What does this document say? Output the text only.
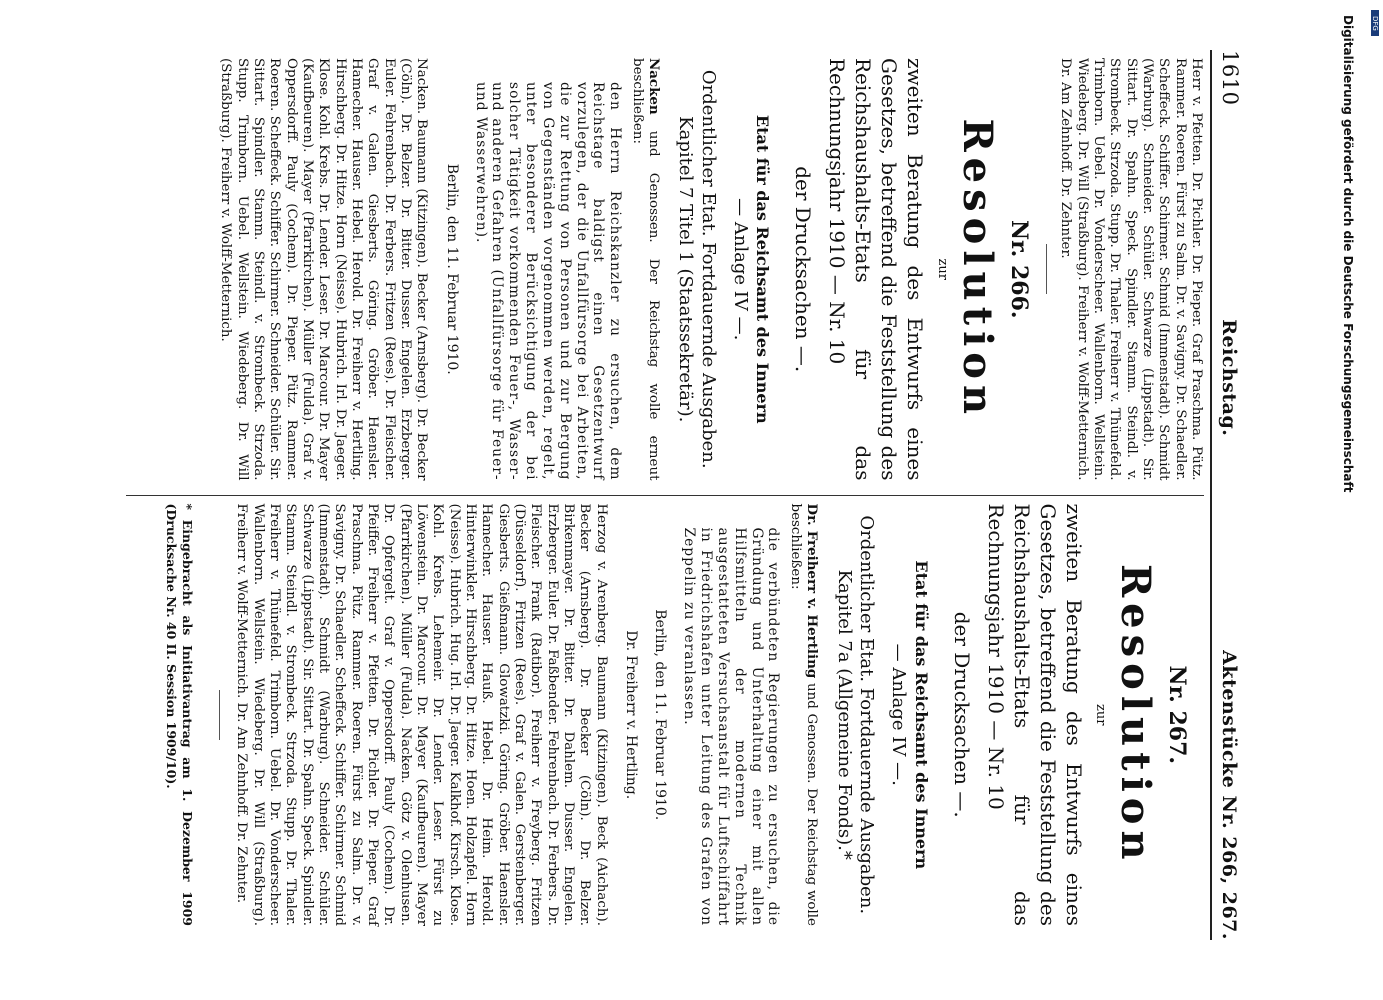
1610
Reichstag.
Aktenstücke Nr. 266, 267.

Herr v. Pfetten. Dr. Pichler. Dr. Pieper. Graf Praschma. Pütz. Rammer. Roeren. Fürst zu Salm. Dr. v. Savigny. Dr. Schaedler. Scheffeck. Schiffer. Schirmer. Schmid (Immenstadt). Schmidt (Warburg). Schneider. Schüler. Schwarze (Lippstadt). Sir. Sittart. Dr. Spahn. Speck. Spindler. Stamm. Steindl. v. Strombeck. Strzoda. Stupp. Dr. Thaler. Freiherr v. Thünefeld. Trimborn. Uebel. Dr. Vonderscheer. Wallenborn. Wellstein. Wiedeberg. Dr. Will (Straßburg). Freiherr v. Wolff-Metternich. Dr. Am Zehnhoff. Dr. Zehnter.

Nr. 266.
Resolution
zur

zweiten Beratung des Entwurfs eines Gesetzes, betreffend die Feststellung des Reichshaushalts-Etats für das Rechnungsjahr 1910 — Nr. 10

der Drucksachen —.

Etat für das Reichsamt des Innern
— Anlage IV —.
Ordentlicher Etat. Fortdauernde Ausgaben. Kapitel 7 Titel 1 (Staatssekretär).

Nacken und Genossen. Der Reichstag wolle erneut beschließen:

den Herrn Reichskanzler zu ersuchen, dem Reichstage baldigst einen Gesetzentwurf vorzulegen, der die Unfallfürsorge bei Arbeiten, die zur Rettung von Personen und zur Bergung von Gegenständen vorgenommen werden, regelt, unter besonderer Berücksichtigung der bei solcher Tätigkeit vorkommenden Feuer-, Wasser- und anderen Gefahren (Unfallfürsorge für Feuer- und Wasserwehren).

Berlin, den 11. Februar 1910.

Nacken. Baumann (Kitzingen). Becker (Arnsberg). Dr. Becker (Cöln). Dr. Belzer. Dr. Bitter. Dusser. Engelen. Erzberger. Euler. Fehrenbach. Dr. Ferbers. Fritzen (Rees). Dr. Fleischer. Graf v. Galen. Giesberts. Göring. Gröber. Haensler. Hamecher. Hauser. Hebel. Herold. Dr. Freiherr v. Hertling. Hirschberg. Dr. Hitze. Horn (Neisse). Hubrich. Irl. Dr. Jaeger. Klose. Kohl. Krebs. Dr. Lender. Leser. Dr. Marcour. Dr. Mayer (Kaufbeuren). Mayer (Pfarrkirchen). Müller (Fulda). Graf v. Oppersdorff. Pauly (Cochem). Dr. Pieper. Pütz. Rammer. Roeren. Scheffeck. Schiffer. Schirmer. Schneider. Schüler. Sir. Sittart. Spindler. Stamm. Steindl. v. Strombeck. Strzoda. Stupp. Trimborn. Uebel. Wellstein. Wiedeberg. Dr. Will (Straßburg). Freiherr v. Wolff-Metternich.

Nr. 267.
Resolution
zur

zweiten Beratung des Entwurfs eines Gesetzes, betreffend die Feststellung des Reichshaushalts-Etats für das Rechnungsjahr 1910 — Nr. 10

der Drucksachen —.

Etat für das Reichsamt des Innern
— Anlage IV —.
Ordentlicher Etat. Fortdauernde Ausgaben. Kapitel 7a (Allgemeine Fonds).*

Dr. Freiherr v. Hertling und Genossen. Der Reichstag wolle beschließen:

die verbündeten Regierungen zu ersuchen, die Gründung und Unterhaltung einer mit allen Hilfsmitteln der modernen Technik ausgestatteten Versuchsanstalt für Luftschiffahrt in Friedrichshafen unter Leitung des Grafen von Zeppelin zu veranlassen.

Berlin, den 11. Februar 1910.
Dr. Freiherr v. Hertling.

Herzog v. Arenberg. Baumann (Kitzingen). Beck (Aichach). Becker (Arnsberg). Dr. Becker (Cöln). Dr. Belzer. Birkenmayer. Dr. Bitter. Dr. Dahlem. Dusser. Engelen. Erzberger. Euler. Dr. Faßbender. Fehrenbach. Dr. Ferbers. Dr. Fleischer. Frank (Ratibor). Freiherr v. Freyberg. Fritzen (Düsseldorf). Fritzen (Rees). Graf v. Galen. Gerstenberger. Giesberts. Gießmann. Glowatzki. Göring. Gröber. Haensler. Hamecher. Hauser. Hauß. Hebel. Dr. Heim. Herold. Hinterwinkler. Hirschberg. Dr. Hitze. Hoen. Holzapfel. Horn (Neisse). Hubrich. Hug. Irl. Dr. Jaeger. Kalkhof. Kirsch. Klose. Kohl. Krebs. Lehemeir. Dr. Lender. Leser. Fürst zu Löwenstein. Dr. Marcour. Dr. Mayer (Kaufbeuren). Mayer (Pfarrkirchen). Müller (Fulda). Nacken. Götz v. Olenhusen. Dr. Opfergelt. Graf v. Oppersdorff. Pauly (Cochem). Dr. Pfeiffer. Freiherr v. Pfetten. Dr. Pichler. Dr. Pieper. Graf Praschma. Pütz. Rammer. Roeren. Fürst zu Salm. Dr. v. Savigny. Dr. Schaedler. Scheffeck. Schiffer. Schirmer. Schmid (Immenstadt). Schmidt (Warburg). Schneider. Schüler. Schwarze (Lippstadt). Sir. Sittart. Dr. Spahn. Speck. Spindler. Stamm. Steindl. v. Strombeck. Strzoda. Stupp. Dr. Thaler. Freiherr v. Thünefeld. Trimborn. Uebel. Dr. Vonderscheer. Wallenborn. Wellstein. Wiedeberg. Dr. Will (Straßburg). Freiherr v. Wolff-Metternich. Dr. Am Zehnhoff. Dr. Zehnter.

* Eingebracht als Initiativantrag am 1. Dezember 1909 (Drucksache Nr. 40 II. Session 1909/10).

Digitalisierung gefördert durch die Deutsche Forschungsgemeinschaft DFG
